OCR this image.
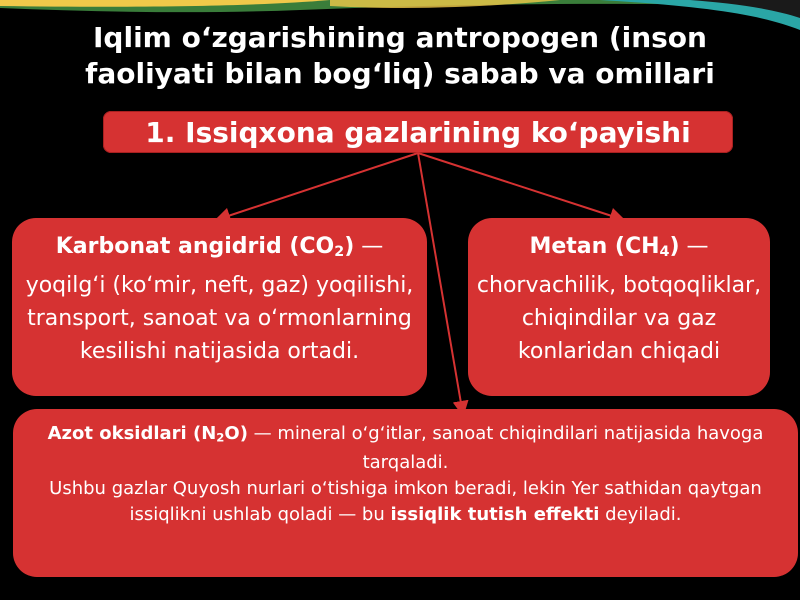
Iqlim oʻzgarishining antropogen (inson
faoliyati bilan bogʻliq) sabab va omillari
1. Issiqxona gazlarining koʻpayishi
Karbonat angidrid $(CO_2)$ — yoqilgʻi (koʻmir, neft, gaz) yoqilishi, transport, sanoat va oʻrmonlarning kesilishi natijasida ortadi.
Metan $(CH_4)$ — chorvachilik, botqoqliklar, chiqindilar va gaz konlaridan chiqadi
Azot oksidlari $(N_2O)$ — mineral oʻgʻitlar, sanoat chiqindilari natijasida havoga tarqaladi.
Ushbu gazlar Quyosh nurlari oʻtishiga imkon beradi, lekin Yer sathidan qaytgan issiqlikni ushlab qoladi — bu issiqlik tutish effekti deyiladi.
